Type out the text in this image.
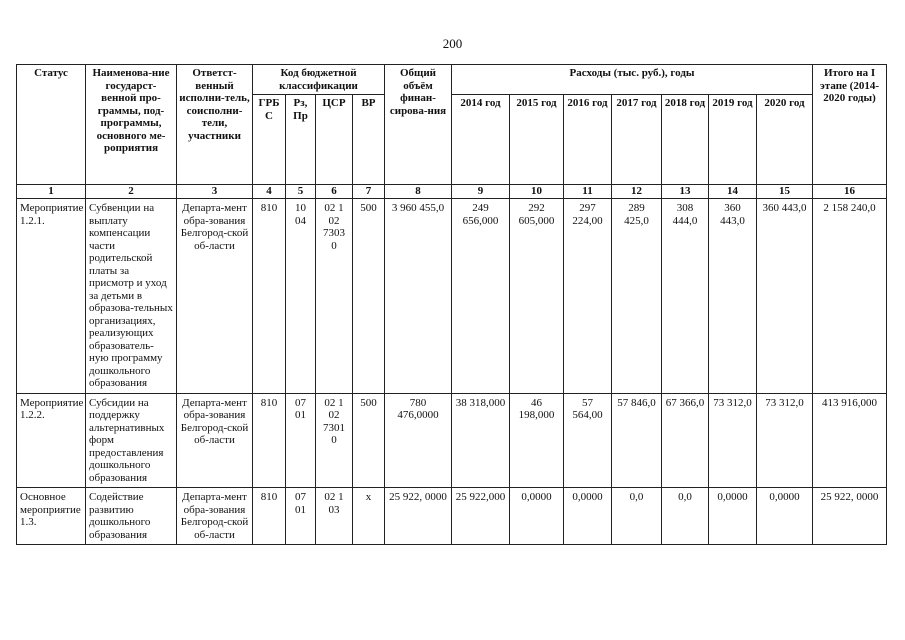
200
Статус	Наименова-ние государст-венной про-граммы, под-программы, основного ме-роприятия	Ответст-венный исполни-тель, соисполни-тели, участники	Код бюджетной классификации				Общий объём финан-сирова-ния	Расходы (тыс. руб.), годы							Итого на I этапе (2014-2020 годы)
			ГРБ С	Рз, Пр	ЦСР	ВР		2014 год	2015 год	2016 год	2017 год	2018 год	2019 год	2020 год	
1	2	3	4	5	6	7	8	9	10	11	12	13	14	15	16
Мероприятие 1.2.1.	Субвенции на выплату компенсации части родительской платы за присмотр и уход за детьми в образова-тельных организациях, реализующих образователь-ную программу дошкольного образования	Департа-мент обра-зования Белгород-ской об-ласти	810	10 04	02 1 02 7303 0	500	3 960 455,0	249 656,000	292 605,000	297 224,00	289 425,0	308 444,0	360 443,0	360 443,0	2 158 240,0
Мероприятие 1.2.2.	Субсидии на поддержку альтернативных форм предоставления дошкольного образования	Департа-мент обра-зования Белгород-ской об-ласти	810	07 01	02 1 02 7301 0	500	780 476,0000	38 318,000	46 198,000	57 564,00	57 846,0	67 366,0	73 312,0	73 312,0	413 916,000
Основное мероприятие 1.3.	Содействие развитию дошкольного образования	Департа-мент обра-зования Белгород-ской об-ласти	810	07 01	02 1 03	х	25 922, 0000	25 922,000	0,0000	0,0000	0,0	0,0	0,0000	0,0000	25 922, 0000
